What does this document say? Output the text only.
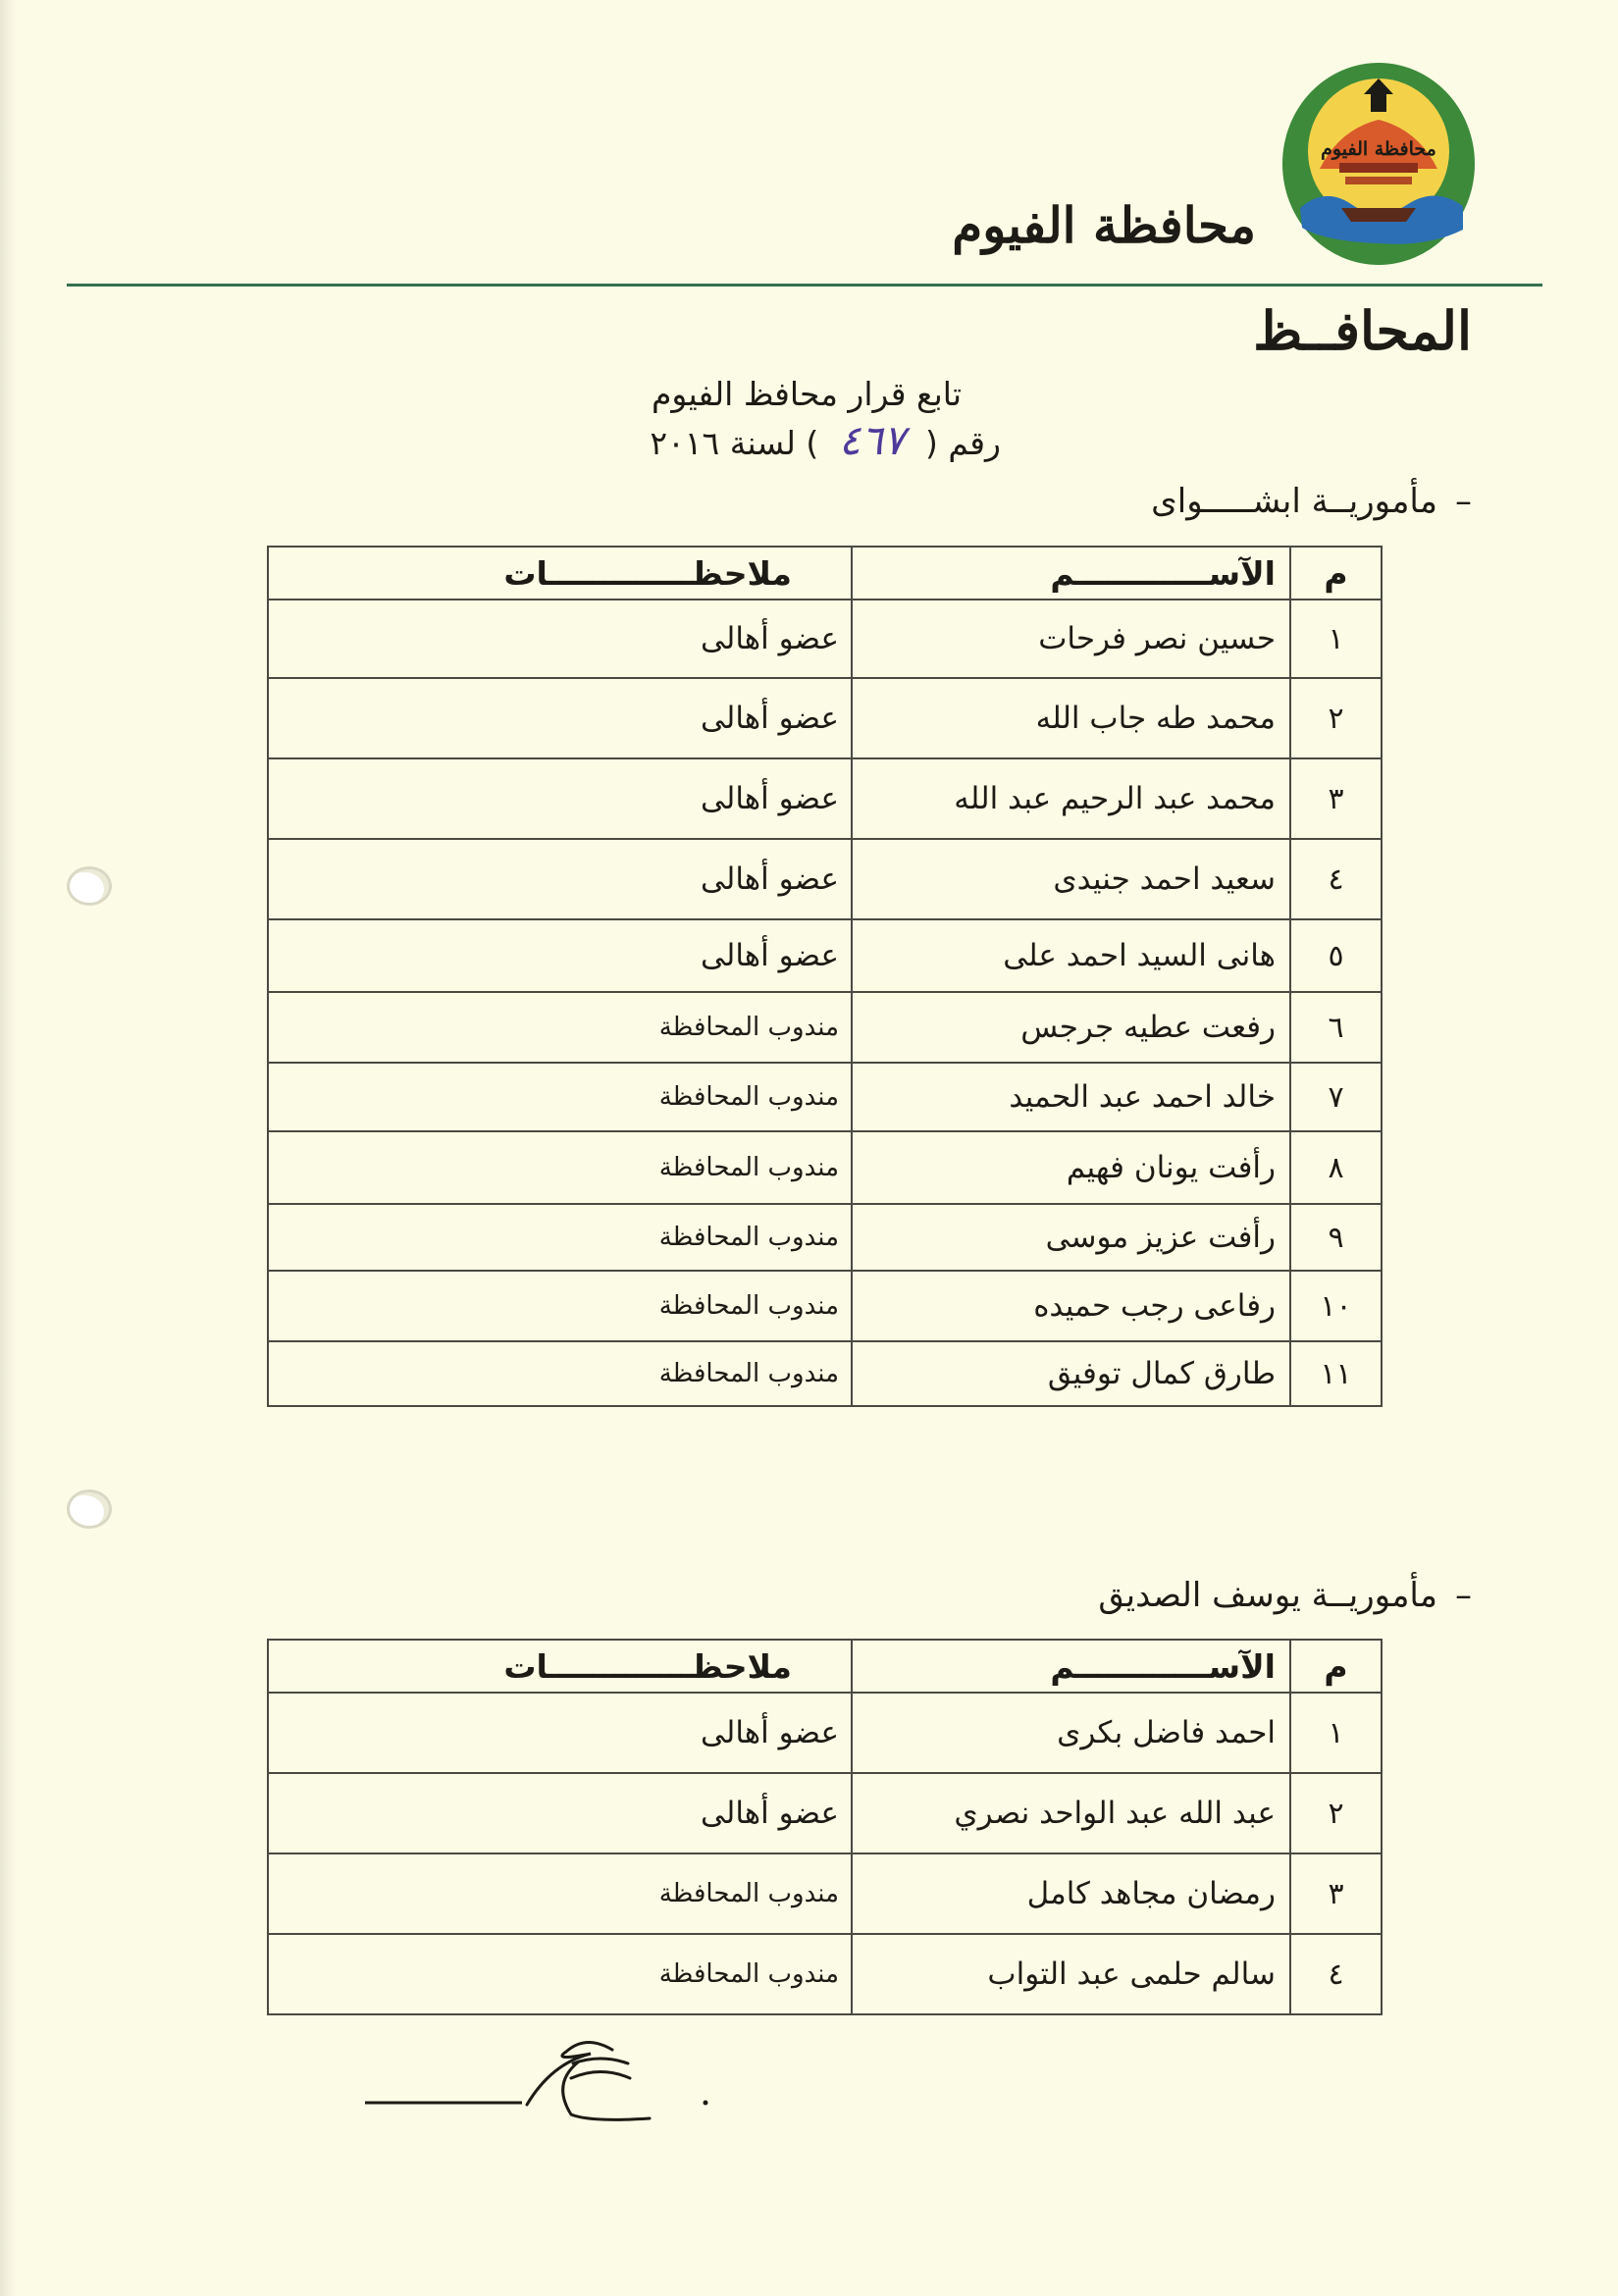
محافظة الفيوم
محافظة الفيوم
المحافــظ
تابع قرار محافظ الفيوم
رقم ( ٤٦٧ ) لسنة ٢٠١٦
–مأموريــة ابشـــــواى
م	الآســــــــــــم	ملاحظـــــــــــــات
١	حسين نصر فرحات	عضو أهالى
٢	محمد طه جاب الله	عضو أهالى
٣	محمد عبد الرحيم عبد الله	عضو أهالى
٤	سعيد احمد جنيدى	عضو أهالى
٥	هانى السيد احمد على	عضو أهالى
٦	رفعت عطيه جرجس	مندوب المحافظة
٧	خالد احمد عبد الحميد	مندوب المحافظة
٨	رأفت يونان فهيم	مندوب المحافظة
٩	رأفت عزيز موسى	مندوب المحافظة
١٠	رفاعى رجب حميده	مندوب المحافظة
١١	طارق كمال توفيق	مندوب المحافظة
–مأموريــة يوسف الصديق
م	الآســــــــــــم	ملاحظـــــــــــــات
١	احمد فاضل بكرى	عضو أهالى
٢	عبد الله عبد الواحد نصري	عضو أهالى
٣	رمضان مجاهد كامل	مندوب المحافظة
٤	سالم حلمى عبد التواب	مندوب المحافظة
